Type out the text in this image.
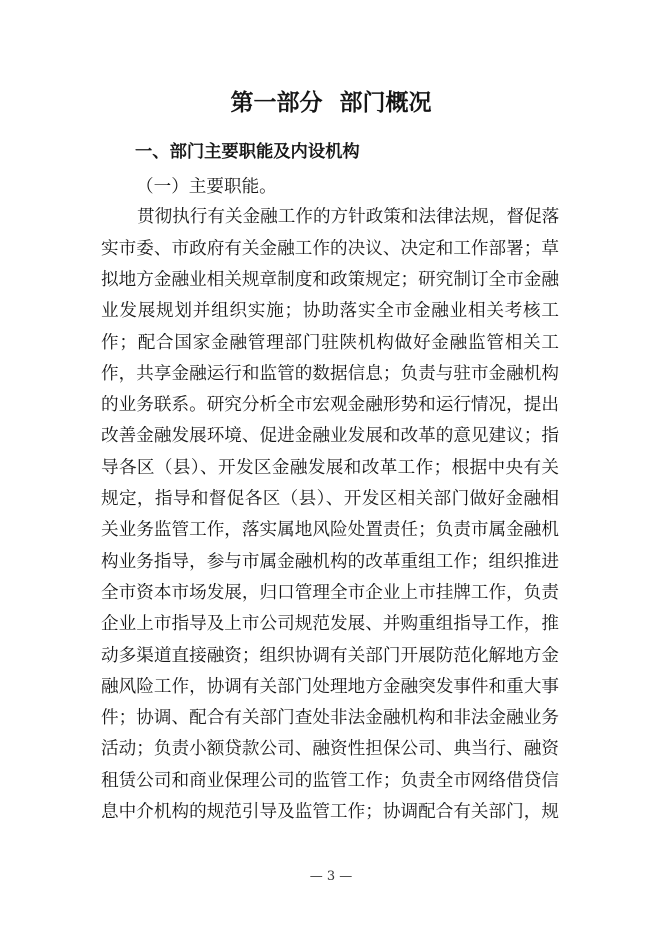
第一部分 部门概况
一、部门主要职能及内设机构
（一）主要职能。
贯彻执行有关金融工作的方针政策和法律法规，督促落
实市委、市政府有关金融工作的决议、决定和工作部署；草
拟地方金融业相关规章制度和政策规定；研究制订全市金融
业发展规划并组织实施；协助落实全市金融业相关考核工
作；配合国家金融管理部门驻陕机构做好金融监管相关工
作，共享金融运行和监管的数据信息；负责与驻市金融机构
的业务联系。研究分析全市宏观金融形势和运行情况，提出
改善金融发展环境、促进金融业发展和改革的意见建议；指
导各区（县）、开发区金融发展和改革工作；根据中央有关
规定，指导和督促各区（县）、开发区相关部门做好金融相
关业务监管工作，落实属地风险处置责任；负责市属金融机
构业务指导，参与市属金融机构的改革重组工作；组织推进
全市资本市场发展，归口管理全市企业上市挂牌工作，负责
企业上市指导及上市公司规范发展、并购重组指导工作，推
动多渠道直接融资；组织协调有关部门开展防范化解地方金
融风险工作，协调有关部门处理地方金融突发事件和重大事
件；协调、配合有关部门查处非法金融机构和非法金融业务
活动；负责小额贷款公司、融资性担保公司、典当行、融资
租赁公司和商业保理公司的监管工作；负责全市网络借贷信
息中介机构的规范引导及监管工作；协调配合有关部门，规
— 3 —
